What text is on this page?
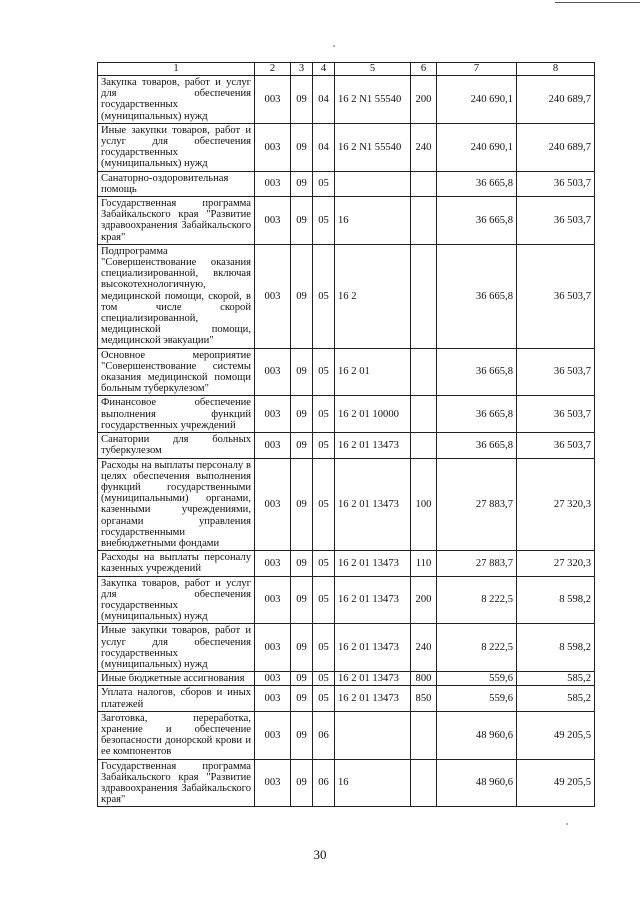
1	2	3	4	5	6	7	8
Закупка товаров, работ и услуг для обеспечения государственных (муниципальных) нужд	003	09	04	16 2 N1 55540	200	240 690,1	240 689,7
Иные закупки товаров, работ и услуг для обеспечения государственных (муниципальных) нужд	003	09	04	16 2 N1 55540	240	240 690,1	240 689,7
Санаторно-оздоровительная помощь	003	09	05			36 665,8	36 503,7
Государственная программа Забайкальского края "Развитие здравоохранения Забайкальского края"	003	09	05	16		36 665,8	36 503,7
Подпрограмма "Совершенствование оказания специализированной, включая высокотехнологичную, медицинской помощи, скорой, в том числе скорой специализированной, медицинской помощи, медицинской эвакуации"	003	09	05	16 2		36 665,8	36 503,7
Основное мероприятие "Совершенствование системы оказания медицинской помощи больным туберкулезом"	003	09	05	16 2 01		36 665,8	36 503,7
Финансовое обеспечение выполнения функций государственных учреждений	003	09	05	16 2 01 10000		36 665,8	36 503,7
Санатории для больных туберкулезом	003	09	05	16 2 01 13473		36 665,8	36 503,7
Расходы на выплаты персоналу в целях обеспечения выполнения функций государственными (муниципальными) органами, казенными учреждениями, органами управления государственными внебюджетными фондами	003	09	05	16 2 01 13473	100	27 883,7	27 320,3
Расходы на выплаты персоналу казенных учреждений	003	09	05	16 2 01 13473	110	27 883,7	27 320,3
Закупка товаров, работ и услуг для обеспечения государственных (муниципальных) нужд	003	09	05	16 2 01 13473	200	8 222,5	8 598,2
Иные закупки товаров, работ и услуг для обеспечения государственных (муниципальных) нужд	003	09	05	16 2 01 13473	240	8 222,5	8 598,2
Иные бюджетные ассигнования	003	09	05	16 2 01 13473	800	559,6	585,2
Уплата налогов, сборов и иных платежей	003	09	05	16 2 01 13473	850	559,6	585,2
Заготовка, переработка, хранение и обеспечение безопасности донорской крови и ее компонентов	003	09	06			48 960,6	49 205,5
Государственная программа Забайкальского края "Развитие здравоохранения Забайкальского края"	003	09	06	16		48 960,6	49 205,5
30
